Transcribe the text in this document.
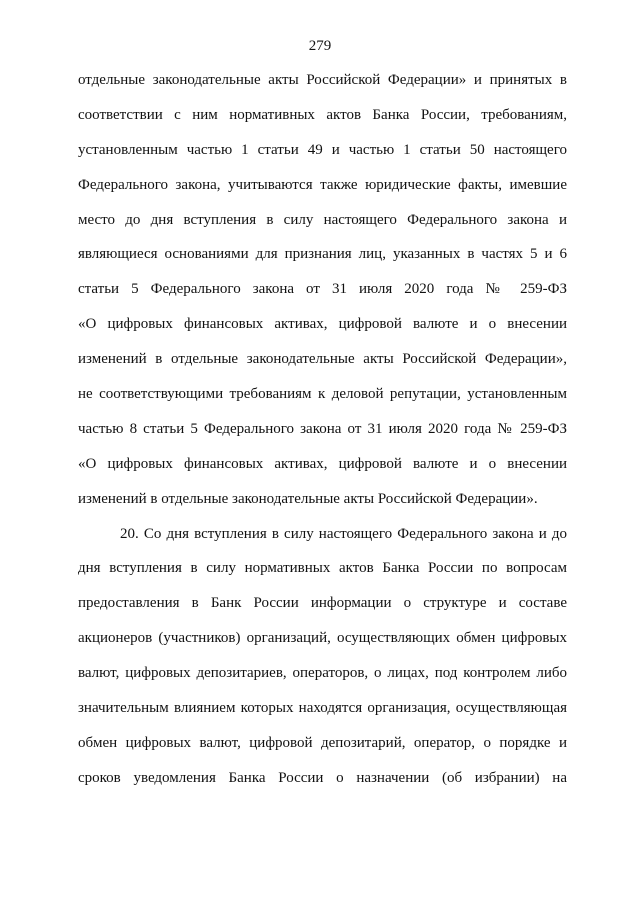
279
отдельные законодательные акты Российской Федерации» и принятых в
соответствии с ним нормативных актов Банка России, требованиям,
установленным частью 1 статьи 49 и частью 1 статьи 50 настоящего
Федерального закона, учитываются также юридические факты, имевшие
место до дня вступления в силу настоящего Федерального закона и
являющиеся основаниями для признания лиц, указанных в частях 5 и 6
статьи 5 Федерального закона от 31 июля 2020 года № 259-ФЗ
«О цифровых финансовых активах, цифровой валюте и о внесении
изменений в отдельные законодательные акты Российской Федерации»,
не соответствующими требованиям к деловой репутации, установленным
частью 8 статьи 5 Федерального закона от 31 июля 2020 года № 259-ФЗ
«О цифровых финансовых активах, цифровой валюте и о внесении
изменений в отдельные законодательные акты Российской Федерации».
20. Со дня вступления в силу настоящего Федерального закона и до
дня вступления в силу нормативных актов Банка России по вопросам
предоставления в Банк России информации о структуре и составе
акционеров (участников) организаций, осуществляющих обмен цифровых
валют, цифровых депозитариев, операторов, о лицах, под контролем либо
значительным влиянием которых находятся организация, осуществляющая
обмен цифровых валют, цифровой депозитарий, оператор, о порядке и
сроков уведомления Банка России о назначении (об избрании) на
